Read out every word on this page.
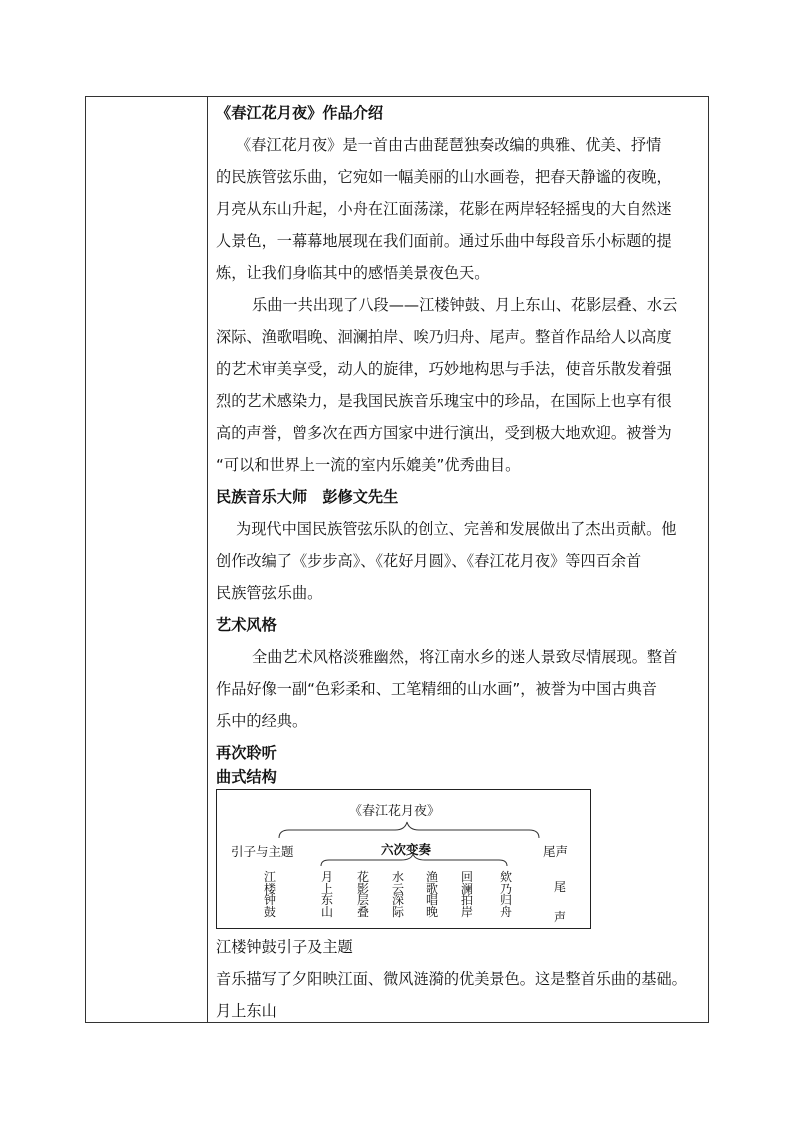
《春江花月夜》作品介绍
《春江花月夜》是一首由古曲琵琶独奏改编的典雅、优美、抒情
的民族管弦乐曲，它宛如一幅美丽的山水画卷，把春天静谧的夜晚，
月亮从东山升起，小舟在江面荡漾，花影在两岸轻轻摇曳的大自然迷
人景色，一幕幕地展现在我们面前。通过乐曲中每段音乐小标题的提
炼，让我们身临其中的感悟美景夜色天。
乐曲一共出现了八段——江楼钟鼓、月上东山、花影层叠、水云
深际、渔歌唱晚、洄澜拍岸、唉乃归舟、尾声。整首作品给人以高度
的艺术审美享受，动人的旋律，巧妙地构思与手法，使音乐散发着强
烈的艺术感染力，是我国民族音乐瑰宝中的珍品，在国际上也享有很
高的声誉，曾多次在西方国家中进行演出，受到极大地欢迎。被誉为
“可以和世界上一流的室内乐媲美”优秀曲目。
民族音乐大师　彭修文先生
为现代中国民族管弦乐队的创立、完善和发展做出了杰出贡献。他
创作改编了《步步高》、《花好月圆》、《春江花月夜》等四百余首
民族管弦乐曲。
艺术风格
全曲艺术风格淡雅幽然，将江南水乡的迷人景致尽情展现。整首
作品好像一副“色彩柔和、工笔精细的山水画”，被誉为中国古典音
乐中的经典。
再次聆听
曲式结构
《春江花月夜》
引子与主题	六次变奏	尾声
江楼钟鼓
月上东山
花影层叠
水云深际
渔歌唱晚
回澜拍岸
欸乃归舟
尾声
江楼钟鼓引子及主题
音乐描写了夕阳映江面、微风涟漪的优美景色。这是整首乐曲的基础。
月上东山
